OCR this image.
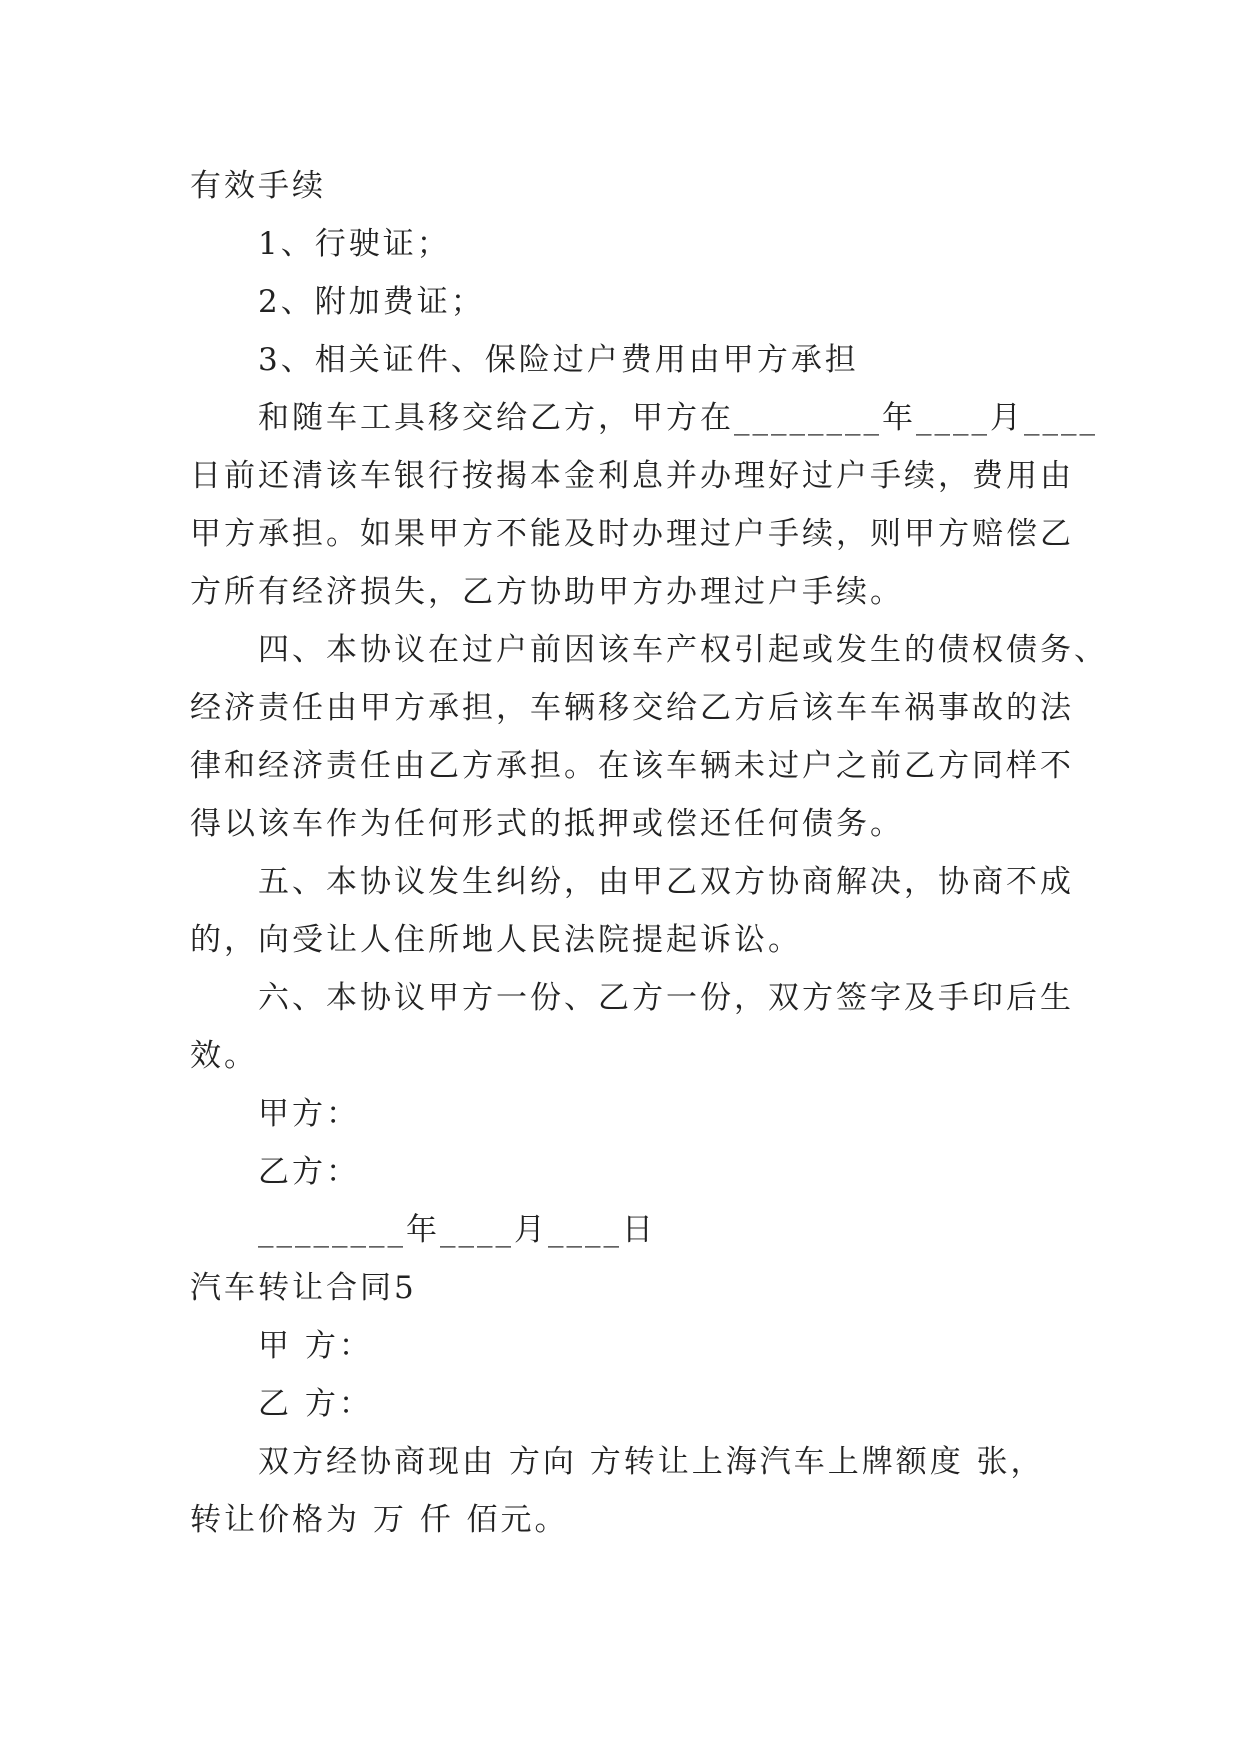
有效手续
1、行驶证；
2、附加费证；
3、相关证件、保险过户费用由甲方承担
和随车工具移交给乙方，甲方在________年____月____
日前还清该车银行按揭本金利息并办理好过户手续，费用由
甲方承担。如果甲方不能及时办理过户手续，则甲方赔偿乙
方所有经济损失，乙方协助甲方办理过户手续。
四、本协议在过户前因该车产权引起或发生的债权债务、
经济责任由甲方承担，车辆移交给乙方后该车车祸事故的法
律和经济责任由乙方承担。在该车辆未过户之前乙方同样不
得以该车作为任何形式的抵押或偿还任何债务。
五、本协议发生纠纷，由甲乙双方协商解决，协商不成
的，向受让人住所地人民法院提起诉讼。
六、本协议甲方一份、乙方一份，双方签字及手印后生
效。
甲方：
乙方：
________年____月____日
汽车转让合同5
甲 方：
乙 方：
双方经协商现由 方向 方转让上海汽车上牌额度 张，
转让价格为 万 仟 佰元。
